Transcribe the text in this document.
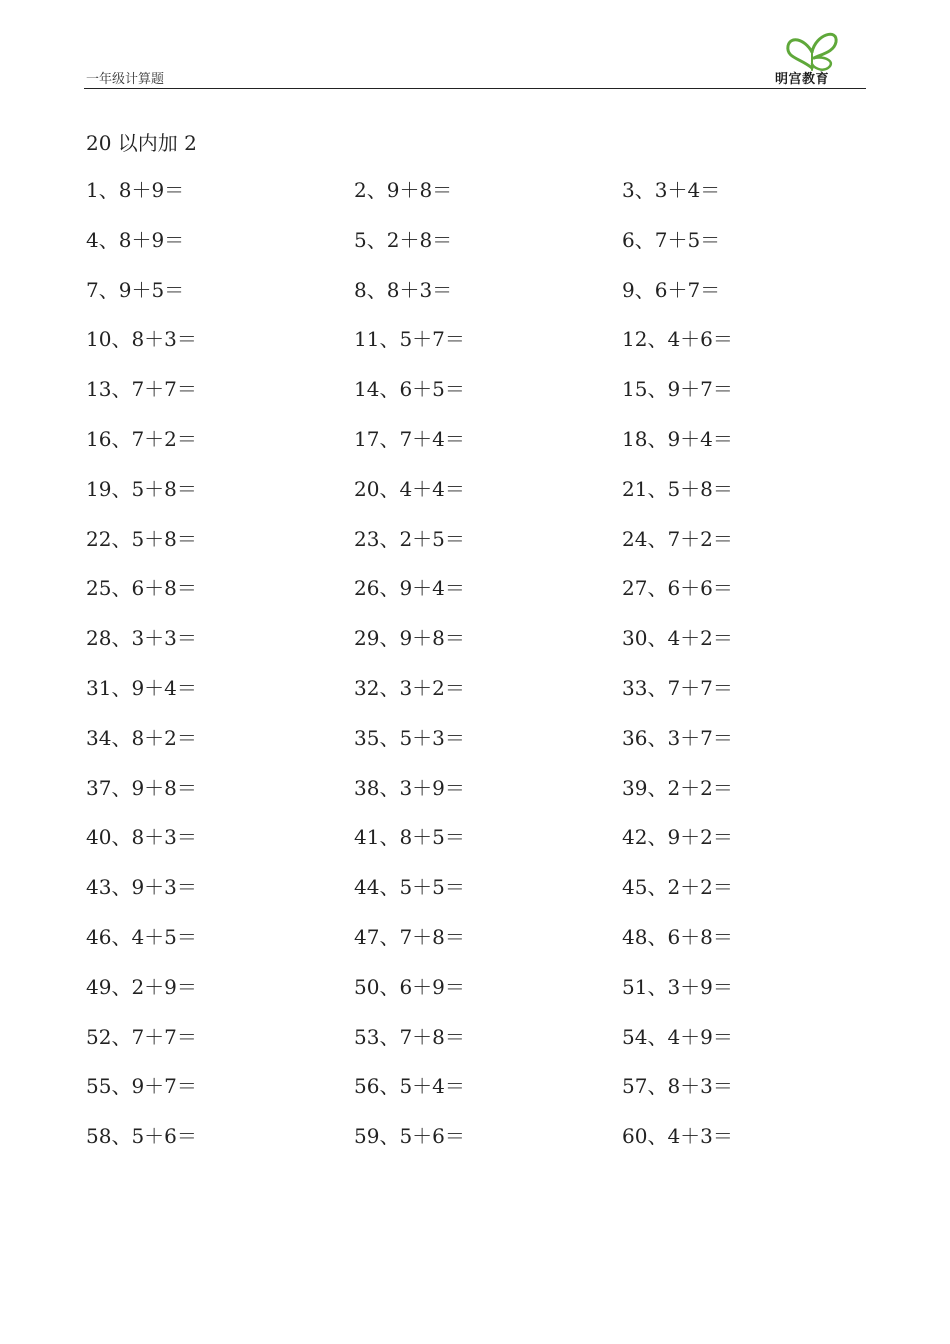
一年级计算题	明宫教育
20 以内加 2
1、8＋9＝	2、9＋8＝	3、3＋4＝
4、8＋9＝	5、2＋8＝	6、7＋5＝
7、9＋5＝	8、8＋3＝	9、6＋7＝
10、8＋3＝	11、5＋7＝	12、4＋6＝
13、7＋7＝	14、6＋5＝	15、9＋7＝
16、7＋2＝	17、7＋4＝	18、9＋4＝
19、5＋8＝	20、4＋4＝	21、5＋8＝
22、5＋8＝	23、2＋5＝	24、7＋2＝
25、6＋8＝	26、9＋4＝	27、6＋6＝
28、3＋3＝	29、9＋8＝	30、4＋2＝
31、9＋4＝	32、3＋2＝	33、7＋7＝
34、8＋2＝	35、5＋3＝	36、3＋7＝
37、9＋8＝	38、3＋9＝	39、2＋2＝
40、8＋3＝	41、8＋5＝	42、9＋2＝
43、9＋3＝	44、5＋5＝	45、2＋2＝
46、4＋5＝	47、7＋8＝	48、6＋8＝
49、2＋9＝	50、6＋9＝	51、3＋9＝
52、7＋7＝	53、7＋8＝	54、4＋9＝
55、9＋7＝	56、5＋4＝	57、8＋3＝
58、5＋6＝	59、5＋6＝	60、4＋3＝
